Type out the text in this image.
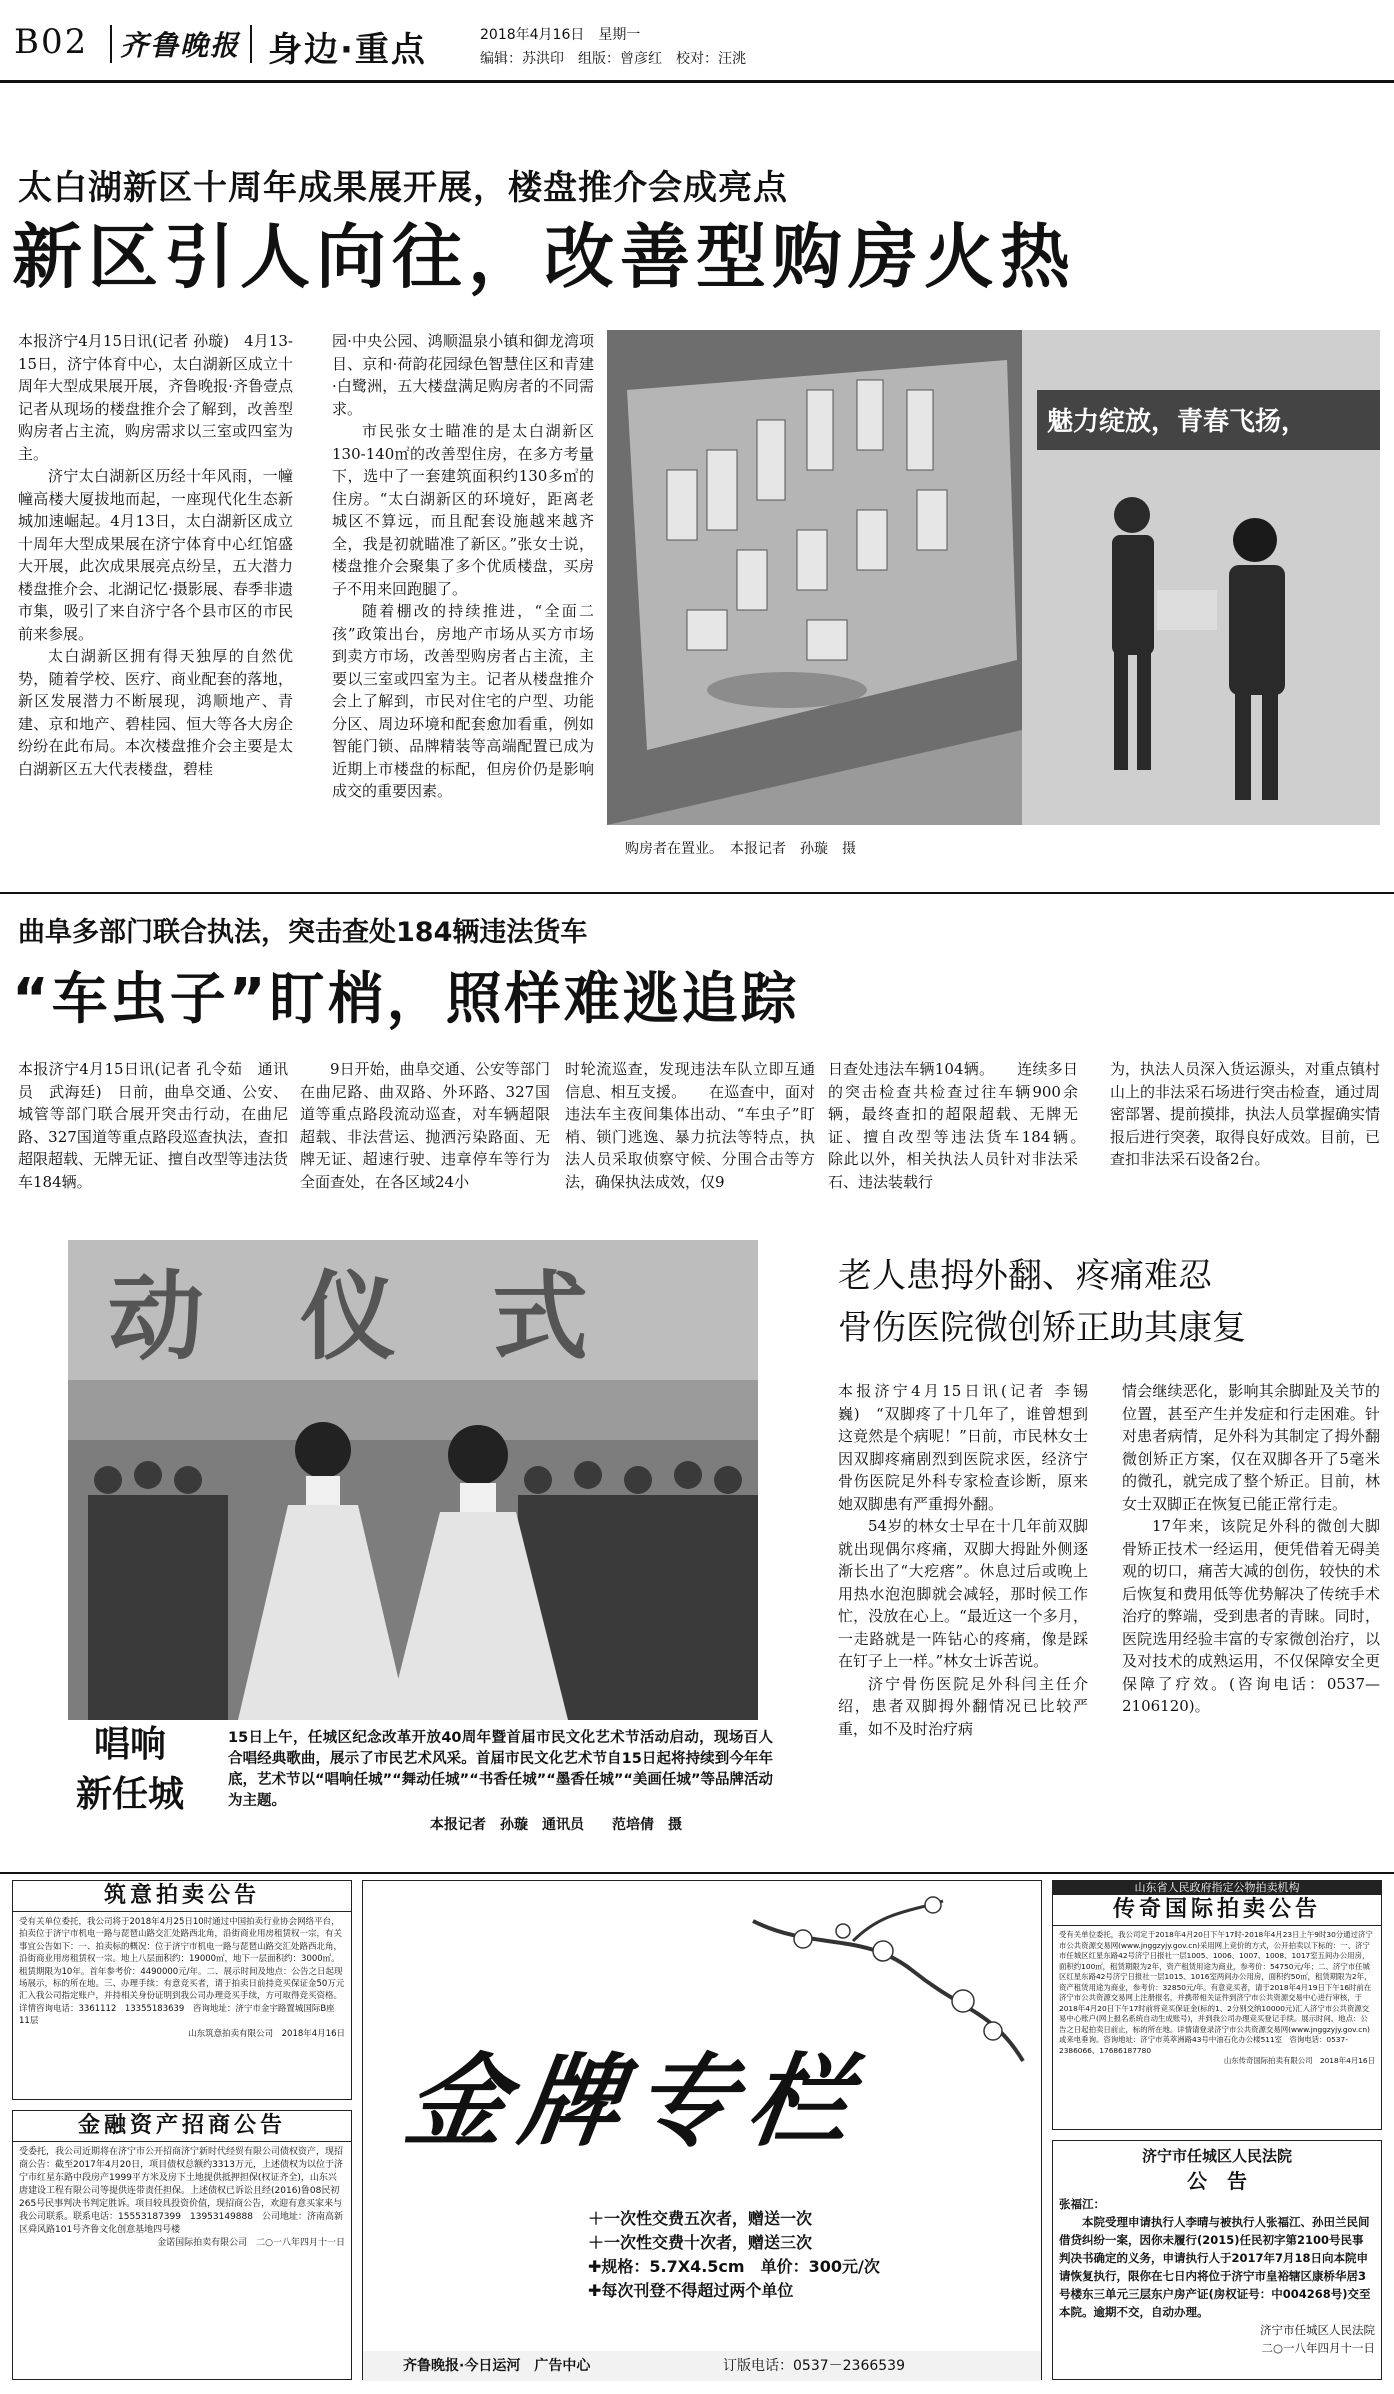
B02 齐鲁晚报 身边·重点	2018年4月16日　星期一
编辑：苏洪印　组版：曾彦红　校对：汪洮
太白湖新区十周年成果展开展，楼盘推介会成亮点
新区引人向往，改善型购房火热

本报济宁4月15日讯(记者 孙璇)　4月13-15日，济宁体育中心，太白湖新区成立十周年大型成果展开展，齐鲁晚报·齐鲁壹点记者从现场的楼盘推介会了解到，改善型购房者占主流，购房需求以三室或四室为主。

济宁太白湖新区历经十年风雨，一幢幢高楼大厦拔地而起，一座现代化生态新城加速崛起。4月13日，太白湖新区成立十周年大型成果展在济宁体育中心红馆盛大开展，此次成果展亮点纷呈，五大潜力楼盘推介会、北湖记忆·摄影展、春季非遗市集，吸引了来自济宁各个县市区的市民前来参展。

太白湖新区拥有得天独厚的自然优势，随着学校、医疗、商业配套的落地，新区发展潜力不断展现，鸿顺地产、青建、京和地产、碧桂园、恒大等各大房企纷纷在此布局。本次楼盘推介会主要是太白湖新区五大代表楼盘，碧桂

园·中央公园、鸿顺温泉小镇和御龙湾项目、京和·荷韵花园绿色智慧住区和青建·白鹭洲，五大楼盘满足购房者的不同需求。

市民张女士瞄准的是太白湖新区130-140㎡的改善型住房，在多方考量下，选中了一套建筑面积约130多㎡的住房。“太白湖新区的环境好，距离老城区不算远，而且配套设施越来越齐全，我是初就瞄准了新区。”张女士说，楼盘推介会聚集了多个优质楼盘，买房子不用来回跑腿了。

随着棚改的持续推进，“全面二孩”政策出台，房地产市场从买方市场到卖方市场，改善型购房者占主流，主要以三室或四室为主。记者从楼盘推介会上了解到，市民对住宅的户型、功能分区、周边环境和配套愈加看重，例如智能门锁、品牌精装等高端配置已成为近期上市楼盘的标配，但房价仍是影响成交的重要因素。

魅力绽放，青春飞扬，
购房者在置业。　本报记者　孙璇　摄
曲阜多部门联合执法，突击查处184辆违法货车
“车虫子”盯梢，照样难逃追踪

本报济宁4月15日讯(记者 孔令茹　通讯员　武海廷)　日前，曲阜交通、公安、城管等部门联合展开突击行动，在曲尼路、327国道等重点路段巡查执法，查扣超限超载、无牌无证、擅自改型等违法货车184辆。

9日开始，曲阜交通、公安等部门在曲尼路、曲双路、外环路、327国道等重点路段流动巡查，对车辆超限超载、非法营运、抛洒污染路面、无牌无证、超速行驶、违章停车等行为全面查处，在各区域24小

时轮流巡查，发现违法车队立即互通信息、相互支援。　　在巡查中，面对违法车主夜间集体出动、“车虫子”盯梢、锁门逃逸、暴力抗法等特点，执法人员采取侦察守候、分围合击等方法，确保执法成效，仅9

日查处违法车辆104辆。　　连续多日的突击检查共检查过往车辆900余辆，最终查扣的超限超载、无牌无证、擅自改型等违法货车184辆。　　除此以外，相关执法人员针对非法采石、违法装载行

为，执法人员深入货运源头，对重点镇村山上的非法采石场进行突击检查，通过周密部署、提前摸排，执法人员掌握确实情报后进行突袭，取得良好成效。目前，已查扣非法采石设备2台。

动　仪　式
唱响
新任城
15日上午，任城区纪念改革开放40周年暨首届市民文化艺术节活动启动，现场百人合唱经典歌曲，展示了市民艺术风采。首届市民文化艺术节自15日起将持续到今年年底，艺术节以“唱响任城”“舞动任城”“书香任城”“墨香任城”“美画任城”等品牌活动为主题。
本报记者　孙璇　通讯员　　范培倩　摄
老人患拇外翻、疼痛难忍
骨伤医院微创矫正助其康复

本报济宁4月15日讯(记者 李锡巍)　“双脚疼了十几年了，谁曾想到这竟然是个病呢！”日前，市民林女士因双脚疼痛剧烈到医院求医，经济宁骨伤医院足外科专家检查诊断，原来她双脚患有严重拇外翻。

54岁的林女士早在十几年前双脚就出现偶尔疼痛，双脚大拇趾外侧逐渐长出了“大疙瘩”。休息过后或晚上用热水泡泡脚就会减轻，那时候工作忙，没放在心上。“最近这一个多月，一走路就是一阵钻心的疼痛，像是踩在钉子上一样。”林女士诉苦说。

济宁骨伤医院足外科闫主任介绍，患者双脚拇外翻情况已比较严重，如不及时治疗病

情会继续恶化，影响其余脚趾及关节的位置，甚至产生并发症和行走困难。针对患者病情，足外科为其制定了拇外翻微创矫正方案，仅在双脚各开了5毫米的微孔，就完成了整个矫正。目前，林女士双脚正在恢复已能正常行走。

17年来，该院足外科的微创大脚骨矫正技术一经运用，便凭借着无碍美观的切口，痛苦大减的创伤，较快的术后恢复和费用低等优势解决了传统手术治疗的弊端，受到患者的青睐。同时，医院选用经验丰富的专家微创治疗，以及对技术的成熟运用，不仅保障安全更保障了疗效。(咨询电话：0537—2106120)。

筑意拍卖公告
受有关单位委托，我公司将于2018年4月25日10时通过中国拍卖行业协会网络平台，拍卖位于济宁市机电一路与琵琶山路交汇处路西北角，沿街商业用房租赁权一宗，有关事宜公告如下：一、拍卖标的概况：位于济宁市机电一路与琵琶山路交汇处路西北角，沿街商业用房租赁权一宗。地上八层面积约：19000㎡，地下一层面积约：3000㎡。租赁期限为10年。首年参考价：4490000元/年。二、展示时间及地点：公告之日起现场展示，标的所在地。三、办理手续：有意竞买者，请于拍卖日前持竞买保证金50万元汇入我公司指定账户，并持相关身份证明到我公司办理竞买手续，方可取得竞买资格。详情咨询电话：3361112　13355183639　咨询地址：济宁市金宇路置城国际B座11层
山东筑意拍卖有限公司　2018年4月16日
金融资产招商公告
受委托，我公司近期将在济宁市公开招商济宁新时代经贸有限公司债权资产，现招商公告：截至2017年4月20日，项目债权总额约3313万元，上述债权为以位于济宁市红星东路中段房产1999平方米及房下土地提供抵押担保(权证齐全)，山东兴唐建设工程有限公司等提供连带责任担保。上述债权已诉讼且经(2016)鲁08民初265号民事判决书判定胜诉。项目较具投资价值，现招商公告，欢迎有意买家来与我公司联系。联系电话：15553187399　13953149888　公司地址：济南高新区舜风路101号齐鲁文化创意基地四号楼
金诺国际拍卖有限公司　二○一八年四月十一日
金牌专栏
＋一次性交费五次者，赠送一次
＋一次性交费十次者，赠送三次
✚规格：5.7X4.5cm　单价：300元/次
✚每次刊登不得超过两个单位
齐鲁晚报·今日运河　广告中心	订版电话：0537－2366539
山东省人民政府指定公物拍卖机构
传奇国际拍卖公告
受有关单位委托，我公司定于2018年4月20日下午17时-2018年4月23日上午9时30分通过济宁市公共资源交易网(www.jnggzyjy.gov.cn)采用网上竞价的方式，公开拍卖以下标的：一、济宁市任城区红星东路42号济宁日报社一层1005、1006、1007、1008、1017室五间办公用房，面积约100㎡，租赁期限为2年，资产租赁用途为商业，参考价：54750元/年；二、济宁市任城区红星东路42号济宁日报社一层1015、1016室两间办公用房，面积约50㎡，租赁期限为2年，资产租赁用途为商业，参考价：32850元/年。有意竞买者，请于2018年4月19日下午16时前在济宁市公共资源交易网上注册报名，并携带相关证件到济宁市公共资源交易中心进行审核，于2018年4月20日下午17时前将竞买保证金(标的1、2分别交纳10000元)汇入济宁市公共资源交易中心账户(网上报名系统自动生成账号)，并到我公司办理竞买登记手续。展示时间、地点：公告之日起拍卖日前止，标的所在地。详情请登录济宁市公共资源交易网(www.jnggzyjy.gov.cn)或来电垂询。咨询地址：济宁市英萃洲路43号中油石化办公楼511室　咨询电话：0537-2386066、17686187780
山东传奇国际拍卖有限公司　2018年4月16日
济宁市任城区人民法院
公　告
张福江：
本院受理申请执行人李晴与被执行人张福江、孙田兰民间借贷纠纷一案，因你未履行(2015)任民初字第2100号民事判决书确定的义务，申请执行人于2017年7月18日向本院申请恢复执行，限你在七日内将位于济宁市皇裕辖区康桥华居3号楼东三单元三层东户房产证(房权证号：中004268号)交至本院。逾期不交，自动办理。
济宁市任城区人民法院
二○一八年四月十一日
